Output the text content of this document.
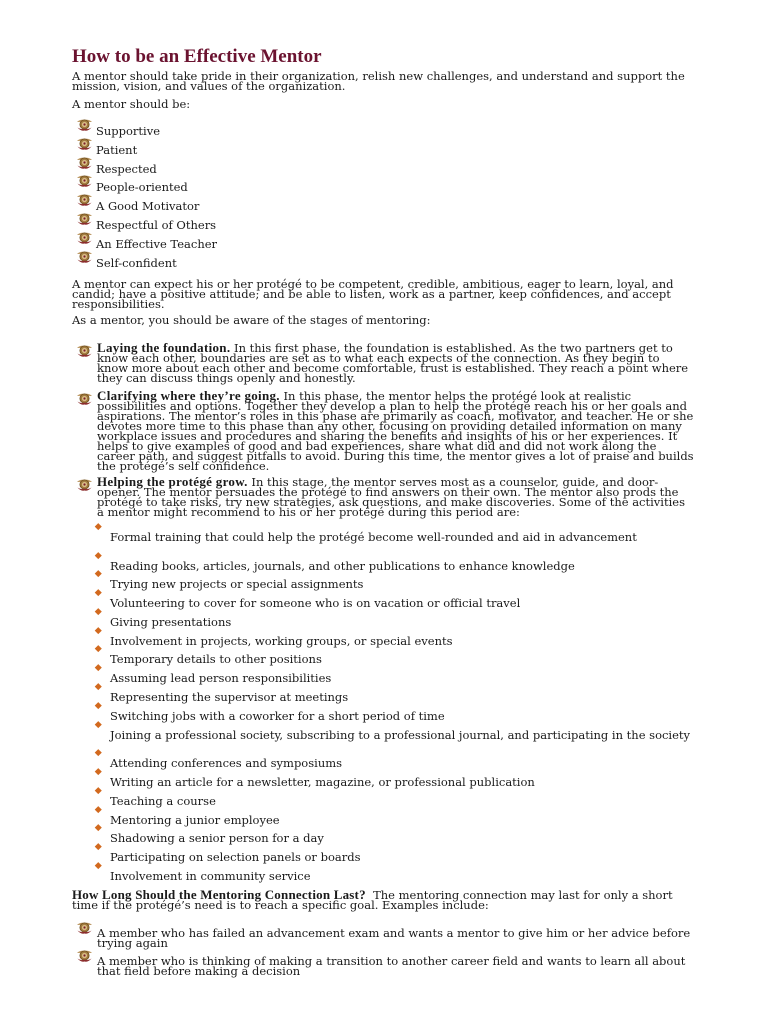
How to be an Effective Mentor
A mentor should take pride in their organization, relish new challenges, and understand and support the mission, vision, and values of the organization.
A mentor should be:
Supportive
Patient
Respected
People-oriented
A Good Motivator
Respectful of Others
An Effective Teacher
Self-confident
A mentor can expect his or her protégé to be competent, credible, ambitious, eager to learn, loyal, and candid; have a positive attitude; and be able to listen, work as a partner, keep confidences, and accept responsibilities.
As a mentor, you should be aware of the stages of mentoring:

Laying the foundation. In this first phase, the foundation is established. As the two partners get to know each other, boundaries are set as to what each expects of the connection. As they begin to know more about each other and become comfortable, trust is established. They reach a point where they can discuss things openly and honestly.

Clarifying where they’re going. In this phase, the mentor helps the protégé look at realistic possibilities and options. Together they develop a plan to help the protégé reach his or her goals and aspirations. The mentor’s roles in this phase are primarily as coach, motivator, and teacher. He or she devotes more time to this phase than any other, focusing on providing detailed information on many workplace issues and procedures and sharing the benefits and insights of his or her experiences. It helps to give examples of good and bad experiences, share what did and did not work along the career path, and suggest pitfalls to avoid. During this time, the mentor gives a lot of praise and builds the protégé’s self confidence.

Helping the protégé grow. In this stage, the mentor serves most as a counselor, guide, and door-opener. The mentor persuades the protégé to find answers on their own. The mentor also prods the protégé to take risks, try new strategies, ask questions, and make discoveries. Some of the activities a mentor might recommend to his or her protégé during this period are:

Formal training that could help the protégé become well-rounded and aid in advancement
Reading books, articles, journals, and other publications to enhance knowledge
Trying new projects or special assignments
Volunteering to cover for someone who is on vacation or official travel
Giving presentations
Involvement in projects, working groups, or special events
Temporary details to other positions
Assuming lead person responsibilities
Representing the supervisor at meetings
Switching jobs with a coworker for a short period of time
Joining a professional society, subscribing to a professional journal, and participating in the society
Attending conferences and symposiums
Writing an article for a newsletter, magazine, or professional publication
Teaching a course
Mentoring a junior employee
Shadowing a senior person for a day
Participating on selection panels or boards
Involvement in community service
How Long Should the Mentoring Connection Last? The mentoring connection may last for only a short time if the protégé’s need is to reach a specific goal. Examples include:

A member who has failed an advancement exam and wants a mentor to give him or her advice before trying again

A member who is thinking of making a transition to another career field and wants to learn all about that field before making a decision
